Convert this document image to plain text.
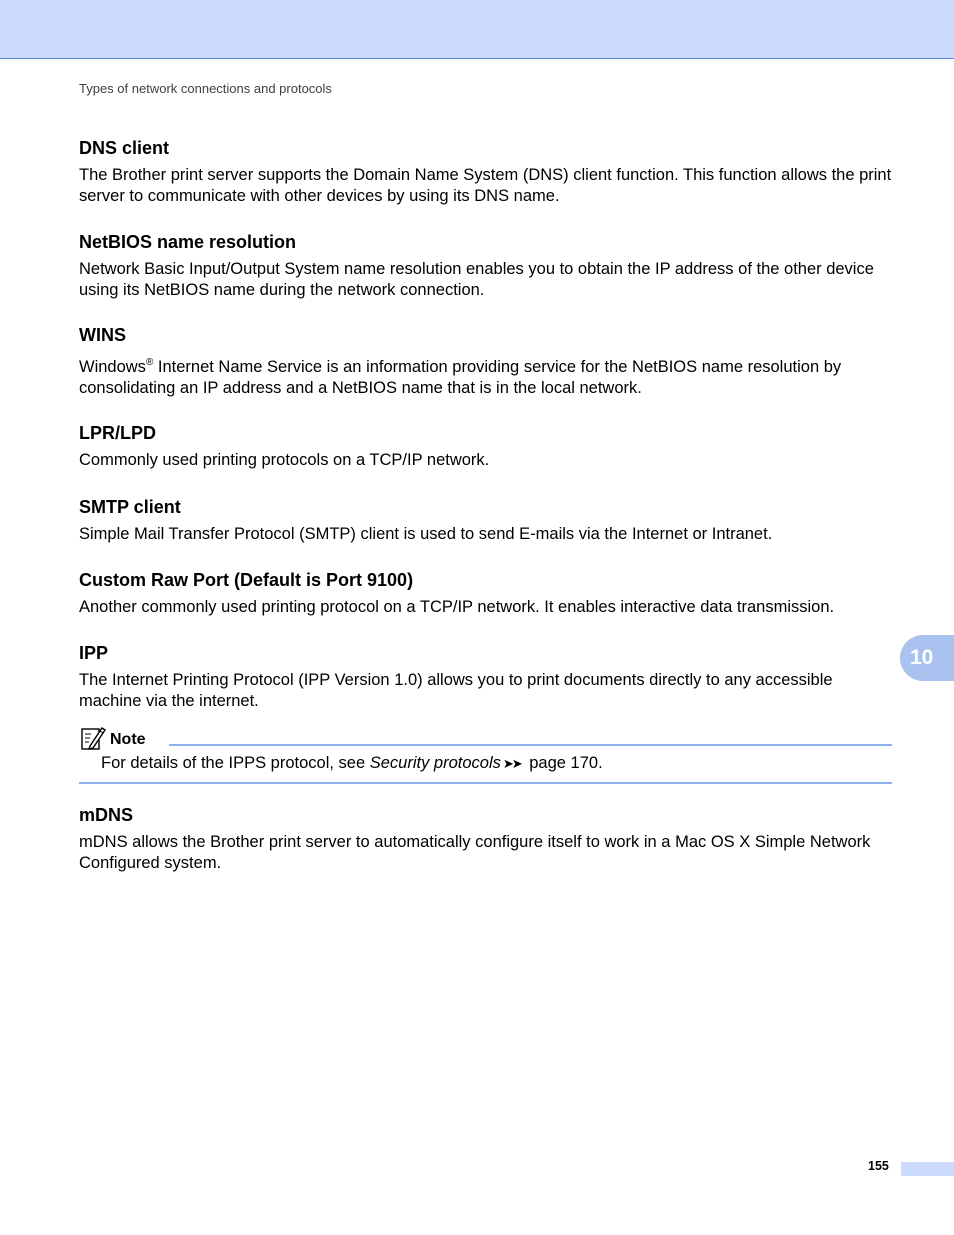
Types of network connections and protocols
DNS client

The Brother print server supports the Domain Name System (DNS) client function. This function allows the print server to communicate with other devices by using its DNS name.

NetBIOS name resolution

Network Basic Input/Output System name resolution enables you to obtain the IP address of the other device using its NetBIOS name during the network connection.

WINS

Windows® Internet Name Service is an information providing service for the NetBIOS name resolution by consolidating an IP address and a NetBIOS name that is in the local network.

LPR/LPD

Commonly used printing protocols on a TCP/IP network.

SMTP client

Simple Mail Transfer Protocol (SMTP) client is used to send E-mails via the Internet or Intranet.

Custom Raw Port (Default is Port 9100)

Another commonly used printing protocol on a TCP/IP network. It enables interactive data transmission.

IPP

The Internet Printing Protocol (IPP Version 1.0) allows you to print documents directly to any accessible machine via the internet.

mDNS

mDNS allows the Brother print server to automatically configure itself to work in a Mac OS X Simple Network Configured system.

Note
For details of the IPPS protocol, see Security protocols ➤➤ page 170.
10
155
